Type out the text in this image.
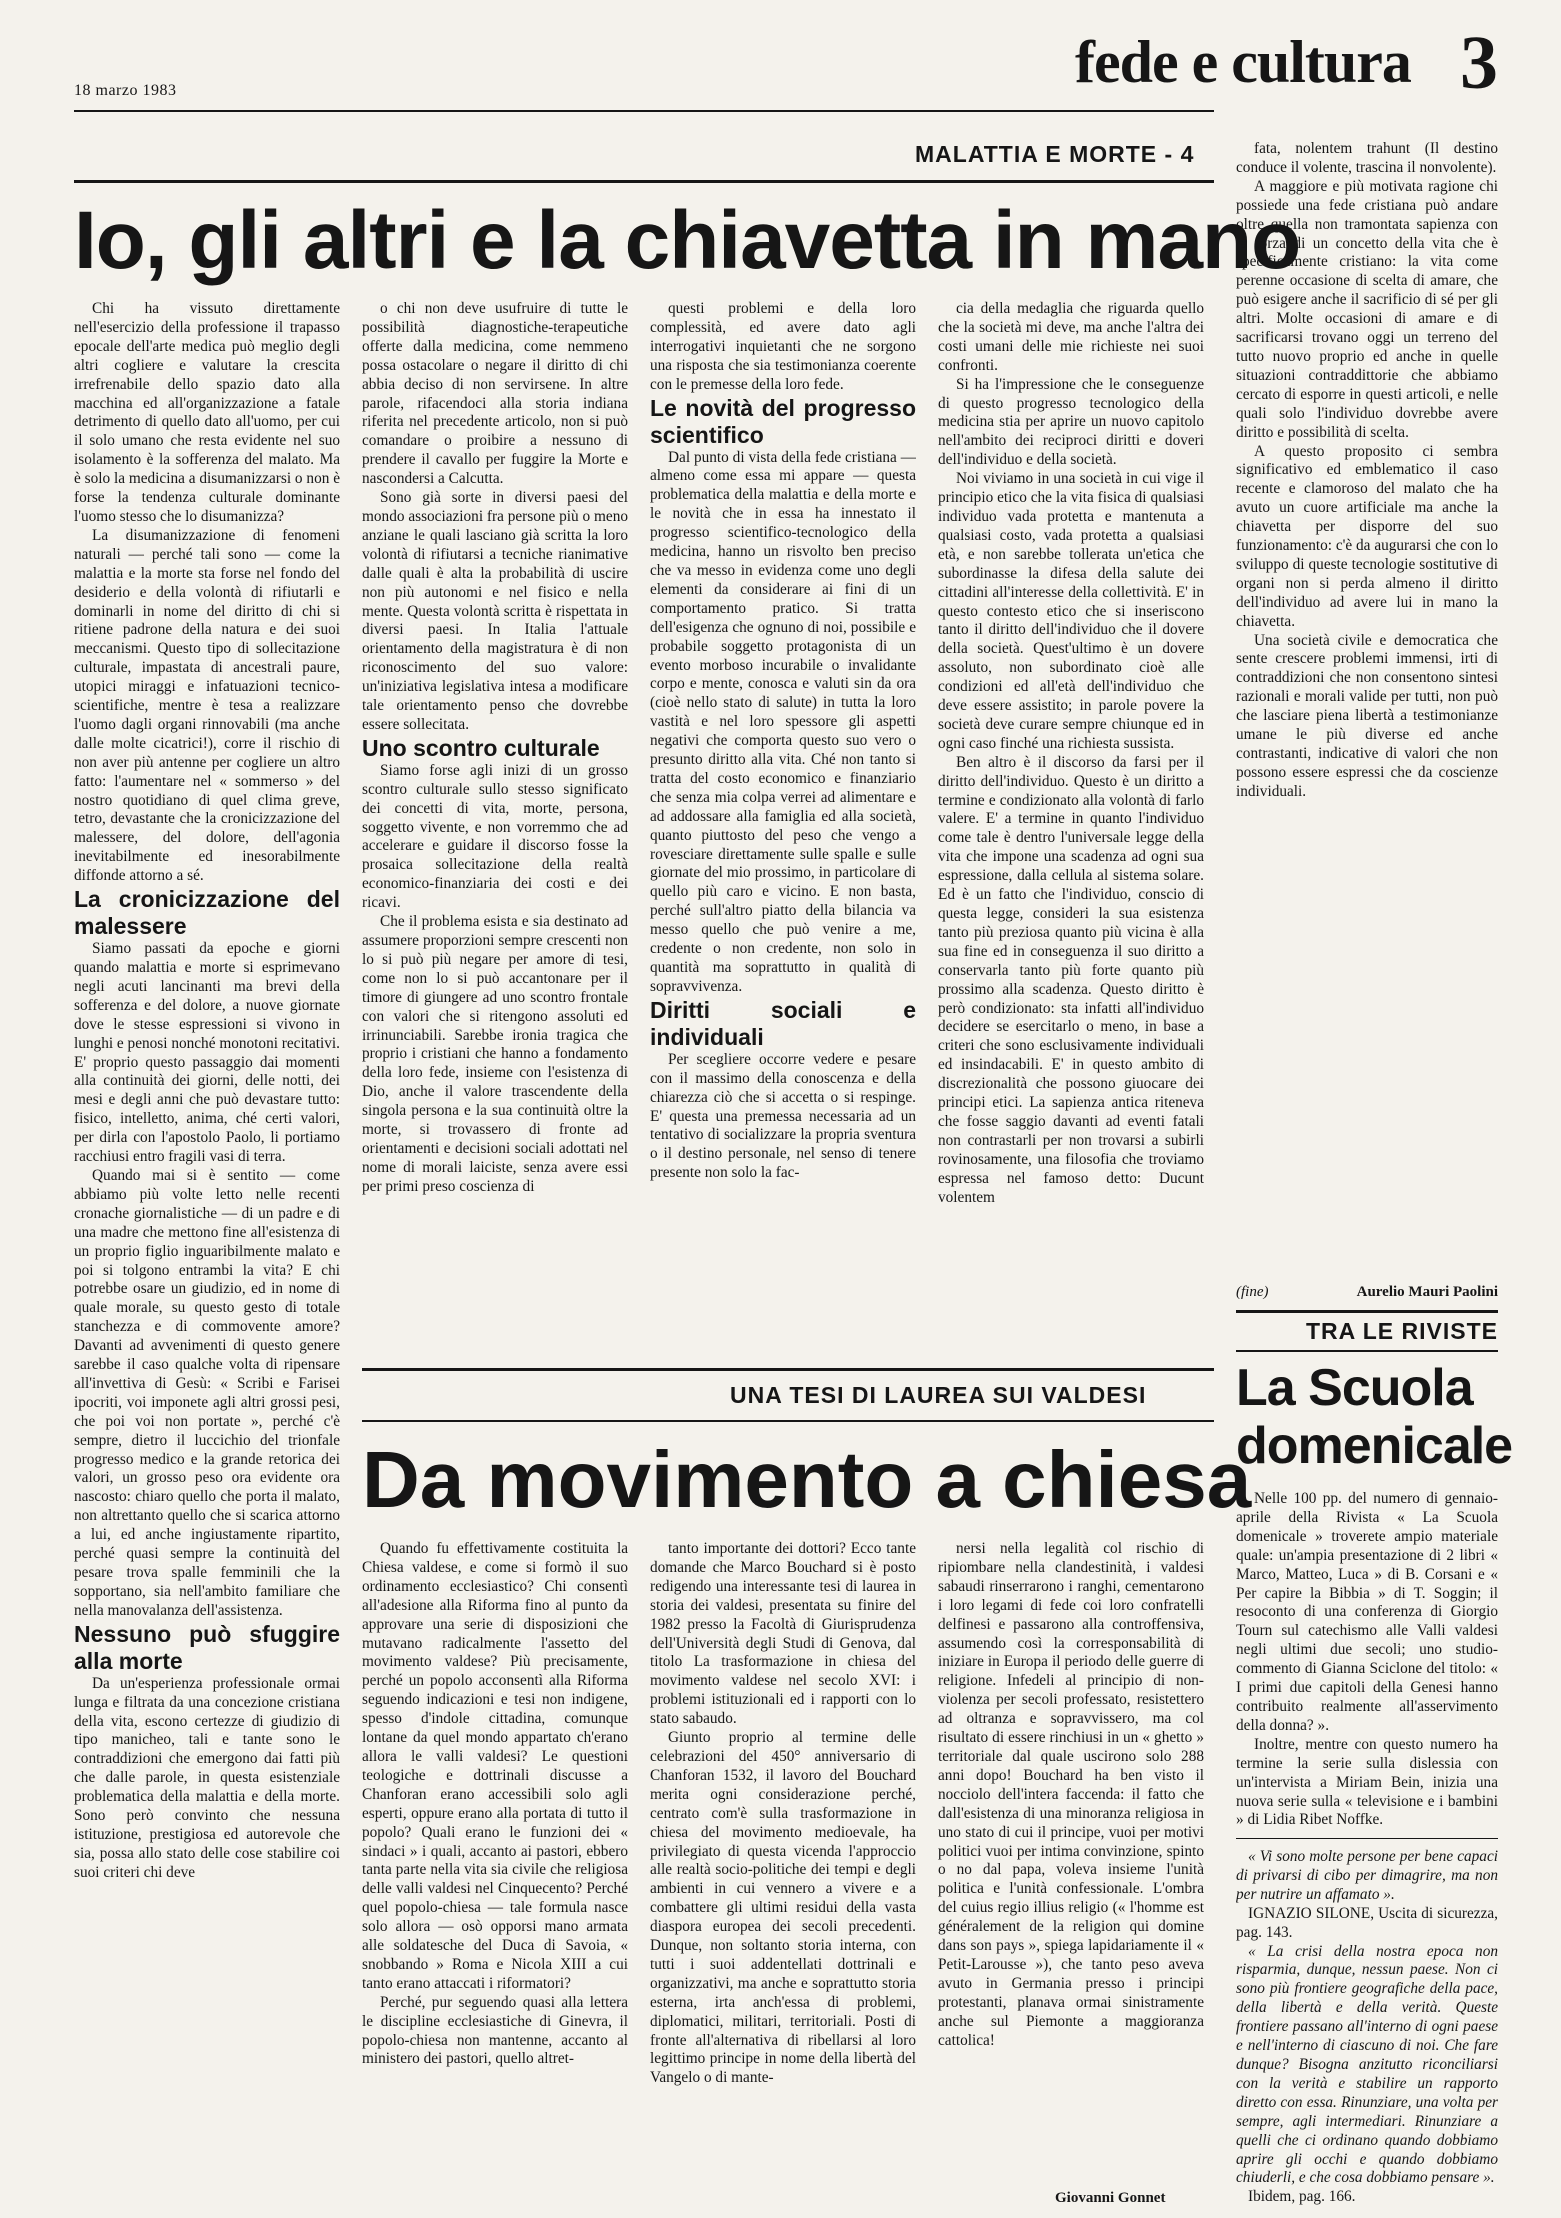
18 marzo 1983	fede e cultura 3
MALATTIA E MORTE - 4
Io, gli altri e la chiavetta in mano

Chi ha vissuto direttamente nell'esercizio della professione il trapasso epocale dell'arte medica può meglio degli altri cogliere e valutare la crescita irrefrenabile dello spazio dato alla macchina ed all'organizzazione a fatale detrimento di quello dato all'uomo, per cui il solo umano che resta evidente nel suo isolamento è la sofferenza del malato. Ma è solo la medicina a disumanizzarsi o non è forse la tendenza culturale dominante l'uomo stesso che lo disumanizza?

La disumanizzazione di fenomeni naturali — perché tali sono — come la malattia e la morte sta forse nel fondo del desiderio e della volontà di rifiutarli e dominarli in nome del diritto di chi si ritiene padrone della natura e dei suoi meccanismi. Questo tipo di sollecitazione culturale, impastata di ancestrali paure, utopici miraggi e infatuazioni tecnico-scientifiche, mentre è tesa a realizzare l'uomo dagli organi rinnovabili (ma anche dalle molte cicatrici!), corre il rischio di non aver più antenne per cogliere un altro fatto: l'aumentare nel « sommerso » del nostro quotidiano di quel clima greve, tetro, devastante che la cronicizzazione del malessere, del dolore, dell'agonia inevitabilmente ed inesorabilmente diffonde attorno a sé.

La cronicizzazione del malessere

Siamo passati da epoche e giorni quando malattia e morte si esprimevano negli acuti lancinanti ma brevi della sofferenza e del dolore, a nuove giornate dove le stesse espressioni si vivono in lunghi e penosi nonché monotoni recitativi. E' proprio questo passaggio dai momenti alla continuità dei giorni, delle notti, dei mesi e degli anni che può devastare tutto: fisico, intelletto, anima, ché certi valori, per dirla con l'apostolo Paolo, li portiamo racchiusi entro fragili vasi di terra.

Quando mai si è sentito — come abbiamo più volte letto nelle recenti cronache giornalistiche — di un padre e di una madre che mettono fine all'esistenza di un proprio figlio inguaribilmente malato e poi si tolgono entrambi la vita? E chi potrebbe osare un giudizio, ed in nome di quale morale, su questo gesto di totale stanchezza e di commovente amore? Davanti ad avvenimenti di questo genere sarebbe il caso qualche volta di ripensare all'invettiva di Gesù: « Scribi e Farisei ipocriti, voi imponete agli altri grossi pesi, che poi voi non portate », perché c'è sempre, dietro il luccichio del trionfale progresso medico e la grande retorica dei valori, un grosso peso ora evidente ora nascosto: chiaro quello che porta il malato, non altrettanto quello che si scarica attorno a lui, ed anche ingiustamente ripartito, perché quasi sempre la continuità del pesare trova spalle femminili che la sopportano, sia nell'ambito familiare che nella manovalanza dell'assistenza.

Nessuno può sfuggire alla morte

Da un'esperienza professionale ormai lunga e filtrata da una concezione cristiana della vita, escono certezze di giudizio di tipo manicheo, tali e tante sono le contraddizioni che emergono dai fatti più che dalle parole, in questa esistenziale problematica della malattia e della morte. Sono però convinto che nessuna istituzione, prestigiosa ed autorevole che sia, possa allo stato delle cose stabilire coi suoi criteri chi deve

o chi non deve usufruire di tutte le possibilità diagnostiche-terapeutiche offerte dalla medicina, come nemmeno possa ostacolare o negare il diritto di chi abbia deciso di non servirsene. In altre parole, rifacendoci alla storia indiana riferita nel precedente articolo, non si può comandare o proibire a nessuno di prendere il cavallo per fuggire la Morte e nascondersi a Calcutta.

Sono già sorte in diversi paesi del mondo associazioni fra persone più o meno anziane le quali lasciano già scritta la loro volontà di rifiutarsi a tecniche rianimative dalle quali è alta la probabilità di uscire non più autonomi e nel fisico e nella mente. Questa volontà scritta è rispettata in diversi paesi. In Italia l'attuale orientamento della magistratura è di non riconoscimento del suo valore: un'iniziativa legislativa intesa a modificare tale orientamento penso che dovrebbe essere sollecitata.

Uno scontro culturale

Siamo forse agli inizi di un grosso scontro culturale sullo stesso significato dei concetti di vita, morte, persona, soggetto vivente, e non vorremmo che ad accelerare e guidare il discorso fosse la prosaica sollecitazione della realtà economico-finanziaria dei costi e dei ricavi.

Che il problema esista e sia destinato ad assumere proporzioni sempre crescenti non lo si può più negare per amore di tesi, come non lo si può accantonare per il timore di giungere ad uno scontro frontale con valori che si ritengono assoluti ed irrinunciabili. Sarebbe ironia tragica che proprio i cristiani che hanno a fondamento della loro fede, insieme con l'esistenza di Dio, anche il valore trascendente della singola persona e la sua continuità oltre la morte, si trovassero di fronte ad orientamenti e decisioni sociali adottati nel nome di morali laiciste, senza avere essi per primi preso coscienza di

questi problemi e della loro complessità, ed avere dato agli interrogativi inquietanti che ne sorgono una risposta che sia testimonianza coerente con le premesse della loro fede.

Le novità del progresso scientifico

Dal punto di vista della fede cristiana — almeno come essa mi appare — questa problematica della malattia e della morte e le novità che in essa ha innestato il progresso scientifico-tecnologico della medicina, hanno un risvolto ben preciso che va messo in evidenza come uno degli elementi da considerare ai fini di un comportamento pratico. Si tratta dell'esigenza che ognuno di noi, possibile e probabile soggetto protagonista di un evento morboso incurabile o invalidante corpo e mente, conosca e valuti sin da ora (cioè nello stato di salute) in tutta la loro vastità e nel loro spessore gli aspetti negativi che comporta questo suo vero o presunto diritto alla vita. Ché non tanto si tratta del costo economico e finanziario che senza mia colpa verrei ad alimentare e ad addossare alla famiglia ed alla società, quanto piuttosto del peso che vengo a rovesciare direttamente sulle spalle e sulle giornate del mio prossimo, in particolare di quello più caro e vicino. E non basta, perché sull'altro piatto della bilancia va messo quello che può venire a me, credente o non credente, non solo in quantità ma soprattutto in qualità di sopravvivenza.

Diritti sociali e individuali

Per scegliere occorre vedere e pesare con il massimo della conoscenza e della chiarezza ciò che si accetta o si respinge. E' questa una premessa necessaria ad un tentativo di socializzare la propria sventura o il destino personale, nel senso di tenere presente non solo la fac-

cia della medaglia che riguarda quello che la società mi deve, ma anche l'altra dei costi umani delle mie richieste nei suoi confronti.

Si ha l'impressione che le conseguenze di questo progresso tecnologico della medicina stia per aprire un nuovo capitolo nell'ambito dei reciproci diritti e doveri dell'individuo e della società.

Noi viviamo in una società in cui vige il principio etico che la vita fisica di qualsiasi individuo vada protetta e mantenuta a qualsiasi costo, vada protetta a qualsiasi età, e non sarebbe tollerata un'etica che subordinasse la difesa della salute dei cittadini all'interesse della collettività. E' in questo contesto etico che si inseriscono tanto il diritto dell'individuo che il dovere della società. Quest'ultimo è un dovere assoluto, non subordinato cioè alle condizioni ed all'età dell'individuo che deve essere assistito; in parole povere la società deve curare sempre chiunque ed in ogni caso finché una richiesta sussista.

Ben altro è il discorso da farsi per il diritto dell'individuo. Questo è un diritto a termine e condizionato alla volontà di farlo valere. E' a termine in quanto l'individuo come tale è dentro l'universale legge della vita che impone una scadenza ad ogni sua espressione, dalla cellula al sistema solare. Ed è un fatto che l'individuo, conscio di questa legge, consideri la sua esistenza tanto più preziosa quanto più vicina è alla sua fine ed in conseguenza il suo diritto a conservarla tanto più forte quanto più prossimo alla scadenza. Questo diritto è però condizionato: sta infatti all'individuo decidere se esercitarlo o meno, in base a criteri che sono esclusivamente individuali ed insindacabili. E' in questo ambito di discrezionalità che possono giuocare dei principi etici. La sapienza antica riteneva che fosse saggio davanti ad eventi fatali non contrastarli per non trovarsi a subirli rovinosamente, una filosofia che troviamo espressa nel famoso detto: Ducunt volentem

fata, nolentem trahunt (Il destino conduce il volente, trascina il nonvolente).

A maggiore e più motivata ragione chi possiede una fede cristiana può andare oltre quella non tramontata sapienza con la forza di un concetto della vita che è specificamente cristiano: la vita come perenne occasione di scelta di amare, che può esigere anche il sacrificio di sé per gli altri. Molte occasioni di amare e di sacrificarsi trovano oggi un terreno del tutto nuovo proprio ed anche in quelle situazioni contraddittorie che abbiamo cercato di esporre in questi articoli, e nelle quali solo l'individuo dovrebbe avere diritto e possibilità di scelta.

A questo proposito ci sembra significativo ed emblematico il caso recente e clamoroso del malato che ha avuto un cuore artificiale ma anche la chiavetta per disporre del suo funzionamento: c'è da augurarsi che con lo sviluppo di queste tecnologie sostitutive di organi non si perda almeno il diritto dell'individuo ad avere lui in mano la chiavetta.

Una società civile e democratica che sente crescere problemi immensi, irti di contraddizioni che non consentono sintesi razionali e morali valide per tutti, non può che lasciare piena libertà a testimonianze umane le più diverse ed anche contrastanti, indicative di valori che non possono essere espressi che da coscienze individuali.

(fine)	Aurelio Mauri Paolini
TRA LE RIVISTE
La Scuola
domenicale

Nelle 100 pp. del numero di gennaio-aprile della Rivista « La Scuola domenicale » troverete ampio materiale quale: un'ampia presentazione di 2 libri « Marco, Matteo, Luca » di B. Corsani e « Per capire la Bibbia » di T. Soggin; il resoconto di una conferenza di Giorgio Tourn sul catechismo alle Valli valdesi negli ultimi due secoli; uno studio-commento di Gianna Sciclone del titolo: « I primi due capitoli della Genesi hanno contribuito realmente all'asservimento della donna? ».

Inoltre, mentre con questo numero ha termine la serie sulla dislessia con un'intervista a Miriam Bein, inizia una nuova serie sulla « televisione e i bambini » di Lidia Ribet Noffke.

« Vi sono molte persone per bene capaci di privarsi di cibo per dimagrire, ma non per nutrire un affamato ».

IGNAZIO SILONE, Uscita di sicurezza, pag. 143.

« La crisi della nostra epoca non risparmia, dunque, nessun paese. Non ci sono più frontiere geografiche della pace, della libertà e della verità. Queste frontiere passano all'interno di ogni paese e nell'interno di ciascuno di noi. Che fare dunque? Bisogna anzitutto riconciliarsi con la verità e stabilire un rapporto diretto con essa. Rinunziare, una volta per sempre, agli intermediari. Rinunziare a quelli che ci ordinano quando dobbiamo aprire gli occhi e quando dobbiamo chiuderli, e che cosa dobbiamo pensare ».

Ibidem, pag. 166.

UNA TESI DI LAUREA SUI VALDESI
Da movimento a chiesa

Quando fu effettivamente costituita la Chiesa valdese, e come si formò il suo ordinamento ecclesiastico? Chi consentì all'adesione alla Riforma fino al punto da approvare una serie di disposizioni che mutavano radicalmente l'assetto del movimento valdese? Più precisamente, perché un popolo acconsentì alla Riforma seguendo indicazioni e tesi non indigene, spesso d'indole cittadina, comunque lontane da quel mondo appartato ch'erano allora le valli valdesi? Le questioni teologiche e dottrinali discusse a Chanforan erano accessibili solo agli esperti, oppure erano alla portata di tutto il popolo? Quali erano le funzioni dei « sindaci » i quali, accanto ai pastori, ebbero tanta parte nella vita sia civile che religiosa delle valli valdesi nel Cinquecento? Perché quel popolo-chiesa — tale formula nasce solo allora — osò opporsi mano armata alle soldatesche del Duca di Savoia, « snobbando » Roma e Nicola XIII a cui tanto erano attaccati i riformatori?

Perché, pur seguendo quasi alla lettera le discipline ecclesiastiche di Ginevra, il popolo-chiesa non mantenne, accanto al ministero dei pastori, quello altret-

tanto importante dei dottori? Ecco tante domande che Marco Bouchard si è posto redigendo una interessante tesi di laurea in storia dei valdesi, presentata su finire del 1982 presso la Facoltà di Giurisprudenza dell'Università degli Studi di Genova, dal titolo La trasformazione in chiesa del movimento valdese nel secolo XVI: i problemi istituzionali ed i rapporti con lo stato sabaudo.

Giunto proprio al termine delle celebrazioni del 450° anniversario di Chanforan 1532, il lavoro del Bouchard merita ogni considerazione perché, centrato com'è sulla trasformazione in chiesa del movimento medioevale, ha privilegiato di questa vicenda l'approccio alle realtà socio-politiche dei tempi e degli ambienti in cui vennero a vivere e a combattere gli ultimi residui della vasta diaspora europea dei secoli precedenti. Dunque, non soltanto storia interna, con tutti i suoi addentellati dottrinali e organizzativi, ma anche e soprattutto storia esterna, irta anch'essa di problemi, diplomatici, militari, territoriali. Posti di fronte all'alternativa di ribellarsi al loro legittimo principe in nome della libertà del Vangelo o di mante-

nersi nella legalità col rischio di ripiombare nella clandestinità, i valdesi sabaudi rinserrarono i ranghi, cementarono i loro legami di fede coi loro confratelli delfinesi e passarono alla controffensiva, assumendo così la corresponsabilità di iniziare in Europa il periodo delle guerre di religione. Infedeli al principio di non-violenza per secoli professato, resistettero ad oltranza e sopravvissero, ma col risultato di essere rinchiusi in un « ghetto » territoriale dal quale uscirono solo 288 anni dopo! Bouchard ha ben visto il nocciolo dell'intera faccenda: il fatto che dall'esistenza di una minoranza religiosa in uno stato di cui il principe, vuoi per motivi politici vuoi per intima convinzione, spinto o no dal papa, voleva insieme l'unità politica e l'unità confessionale. L'ombra del cuius regio illius religio (« l'homme est généralement de la religion qui domine dans son pays », spiega lapidariamente il « Petit-Larousse »), che tanto peso aveva avuto in Germania presso i principi protestanti, planava ormai sinistramente anche sul Piemonte a maggioranza cattolica!

Giovanni Gonnet
